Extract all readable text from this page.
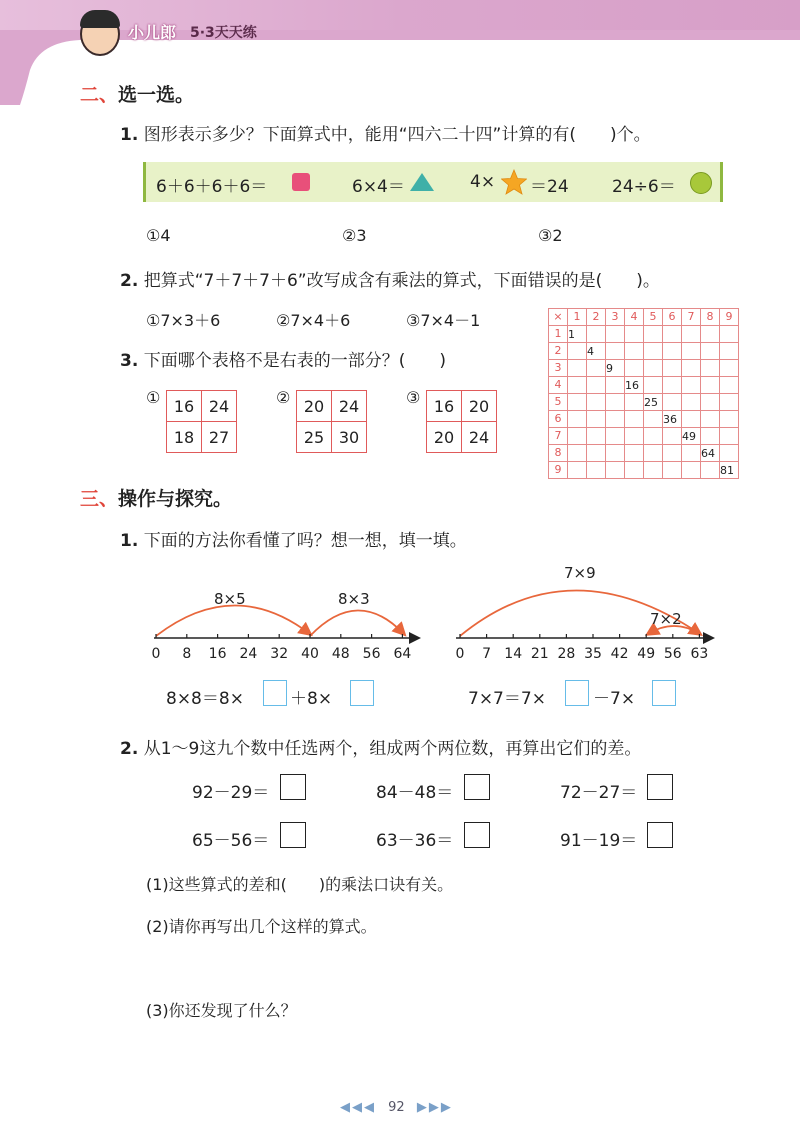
小儿郎 5·3天天练
二、选一选。
1. 图形表示多少？下面算式中，能用“四六二十四”计算的有(　　)个。
6＋6＋6＋6＝	6×4＝	4× ＝24	24÷6＝
①4	②3	③2
2. 把算式“7＋7＋7＋6”改写成含有乘法的算式，下面错误的是(　　)。
①7×3＋6	②7×4＋6	③7×4－1
3. 下面哪个表格不是右表的一部分？(　　)
① 16	24
18	27
② 20	24
25	30
③ 16	20
20	24
×	1	2	3	4	5	6	7	8	9
1	1								
2		4							
3			9						
4				16					
5					25				
6						36			
7							49		
8								64	
9									81
三、操作与探究。
1. 下面的方法你看懂了吗？想一想，填一填。
0 8 16 24 32 40 48 56 64
8×5	8×3
0 7 14 21 28 35 42 49 56 63
7×9
7×2
8×8＝8×	＋8×	7×7＝7×	－7×
2. 从1～9这九个数中任选两个，组成两个两位数，再算出它们的差。
92－29＝	84－48＝	72－27＝
65－56＝	63－36＝	91－19＝
(1)这些算式的差和(　　)的乘法口诀有关。
(2)请你再写出几个这样的算式。
(3)你还发现了什么？
◀◀◀ 92 ▶▶▶
